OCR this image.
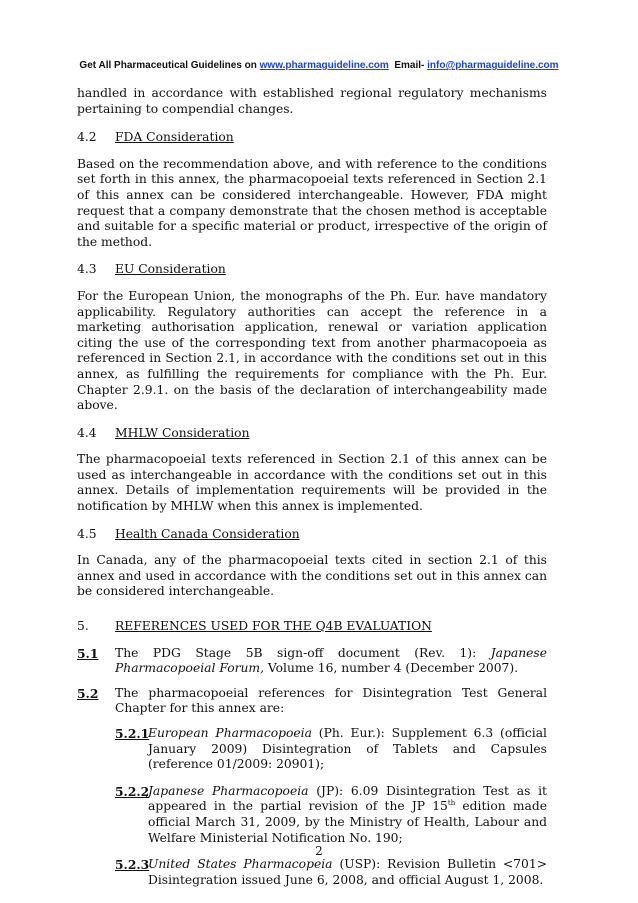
Get All Pharmaceutical Guidelines on www.pharmaguideline.com Email- info@pharmaguideline.com

handled in accordance with established regional regulatory mechanisms pertaining to compendial changes.

4.2	FDA Consideration

Based on the recommendation above, and with reference to the conditions set forth in this annex, the pharmacopoeial texts referenced in Section 2.1 of this annex can be considered interchangeable. However, FDA might request that a company demonstrate that the chosen method is acceptable and suitable for a specific material or product, irrespective of the origin of the method.

4.3	EU Consideration

For the European Union, the monographs of the Ph. Eur. have mandatory applicability. Regulatory authorities can accept the reference in a marketing authorisation application, renewal or variation application citing the use of the corresponding text from another pharmacopoeia as referenced in Section 2.1, in accordance with the conditions set out in this annex, as fulfilling the requirements for compliance with the Ph. Eur. Chapter 2.9.1. on the basis of the declaration of interchangeability made above.

4.4	MHLW Consideration

The pharmacopoeial texts referenced in Section 2.1 of this annex can be used as interchangeable in accordance with the conditions set out in this annex. Details of implementation requirements will be provided in the notification by MHLW when this annex is implemented.

4.5	Health Canada Consideration

In Canada, any of the pharmacopoeial texts cited in section 2.1 of this annex and used in accordance with the conditions set out in this annex can be considered interchangeable.

5.	REFERENCES USED FOR THE Q4B EVALUATION
5.1	The PDG Stage 5B sign-off document (Rev. 1): Japanese Pharmacopoeial Forum, Volume 16, number 4 (December 2007).
5.2	The pharmacopoeial references for Disintegration Test General Chapter for this annex are:
5.2.1
European Pharmacopoeia (Ph. Eur.): Supplement 6.3 (official January 2009) Disintegration of Tablets and Capsules (reference 01/2009: 20901);
5.2.2
Japanese Pharmacopoeia (JP): 6.09 Disintegration Test as it appeared in the partial revision of the JP 15th edition made official March 31, 2009, by the Ministry of Health, Labour and Welfare Ministerial Notification No. 190;
5.2.3
United States Pharmacopeia (USP): Revision Bulletin <701> Disintegration issued June 6, 2008, and official August 1, 2008.
2
